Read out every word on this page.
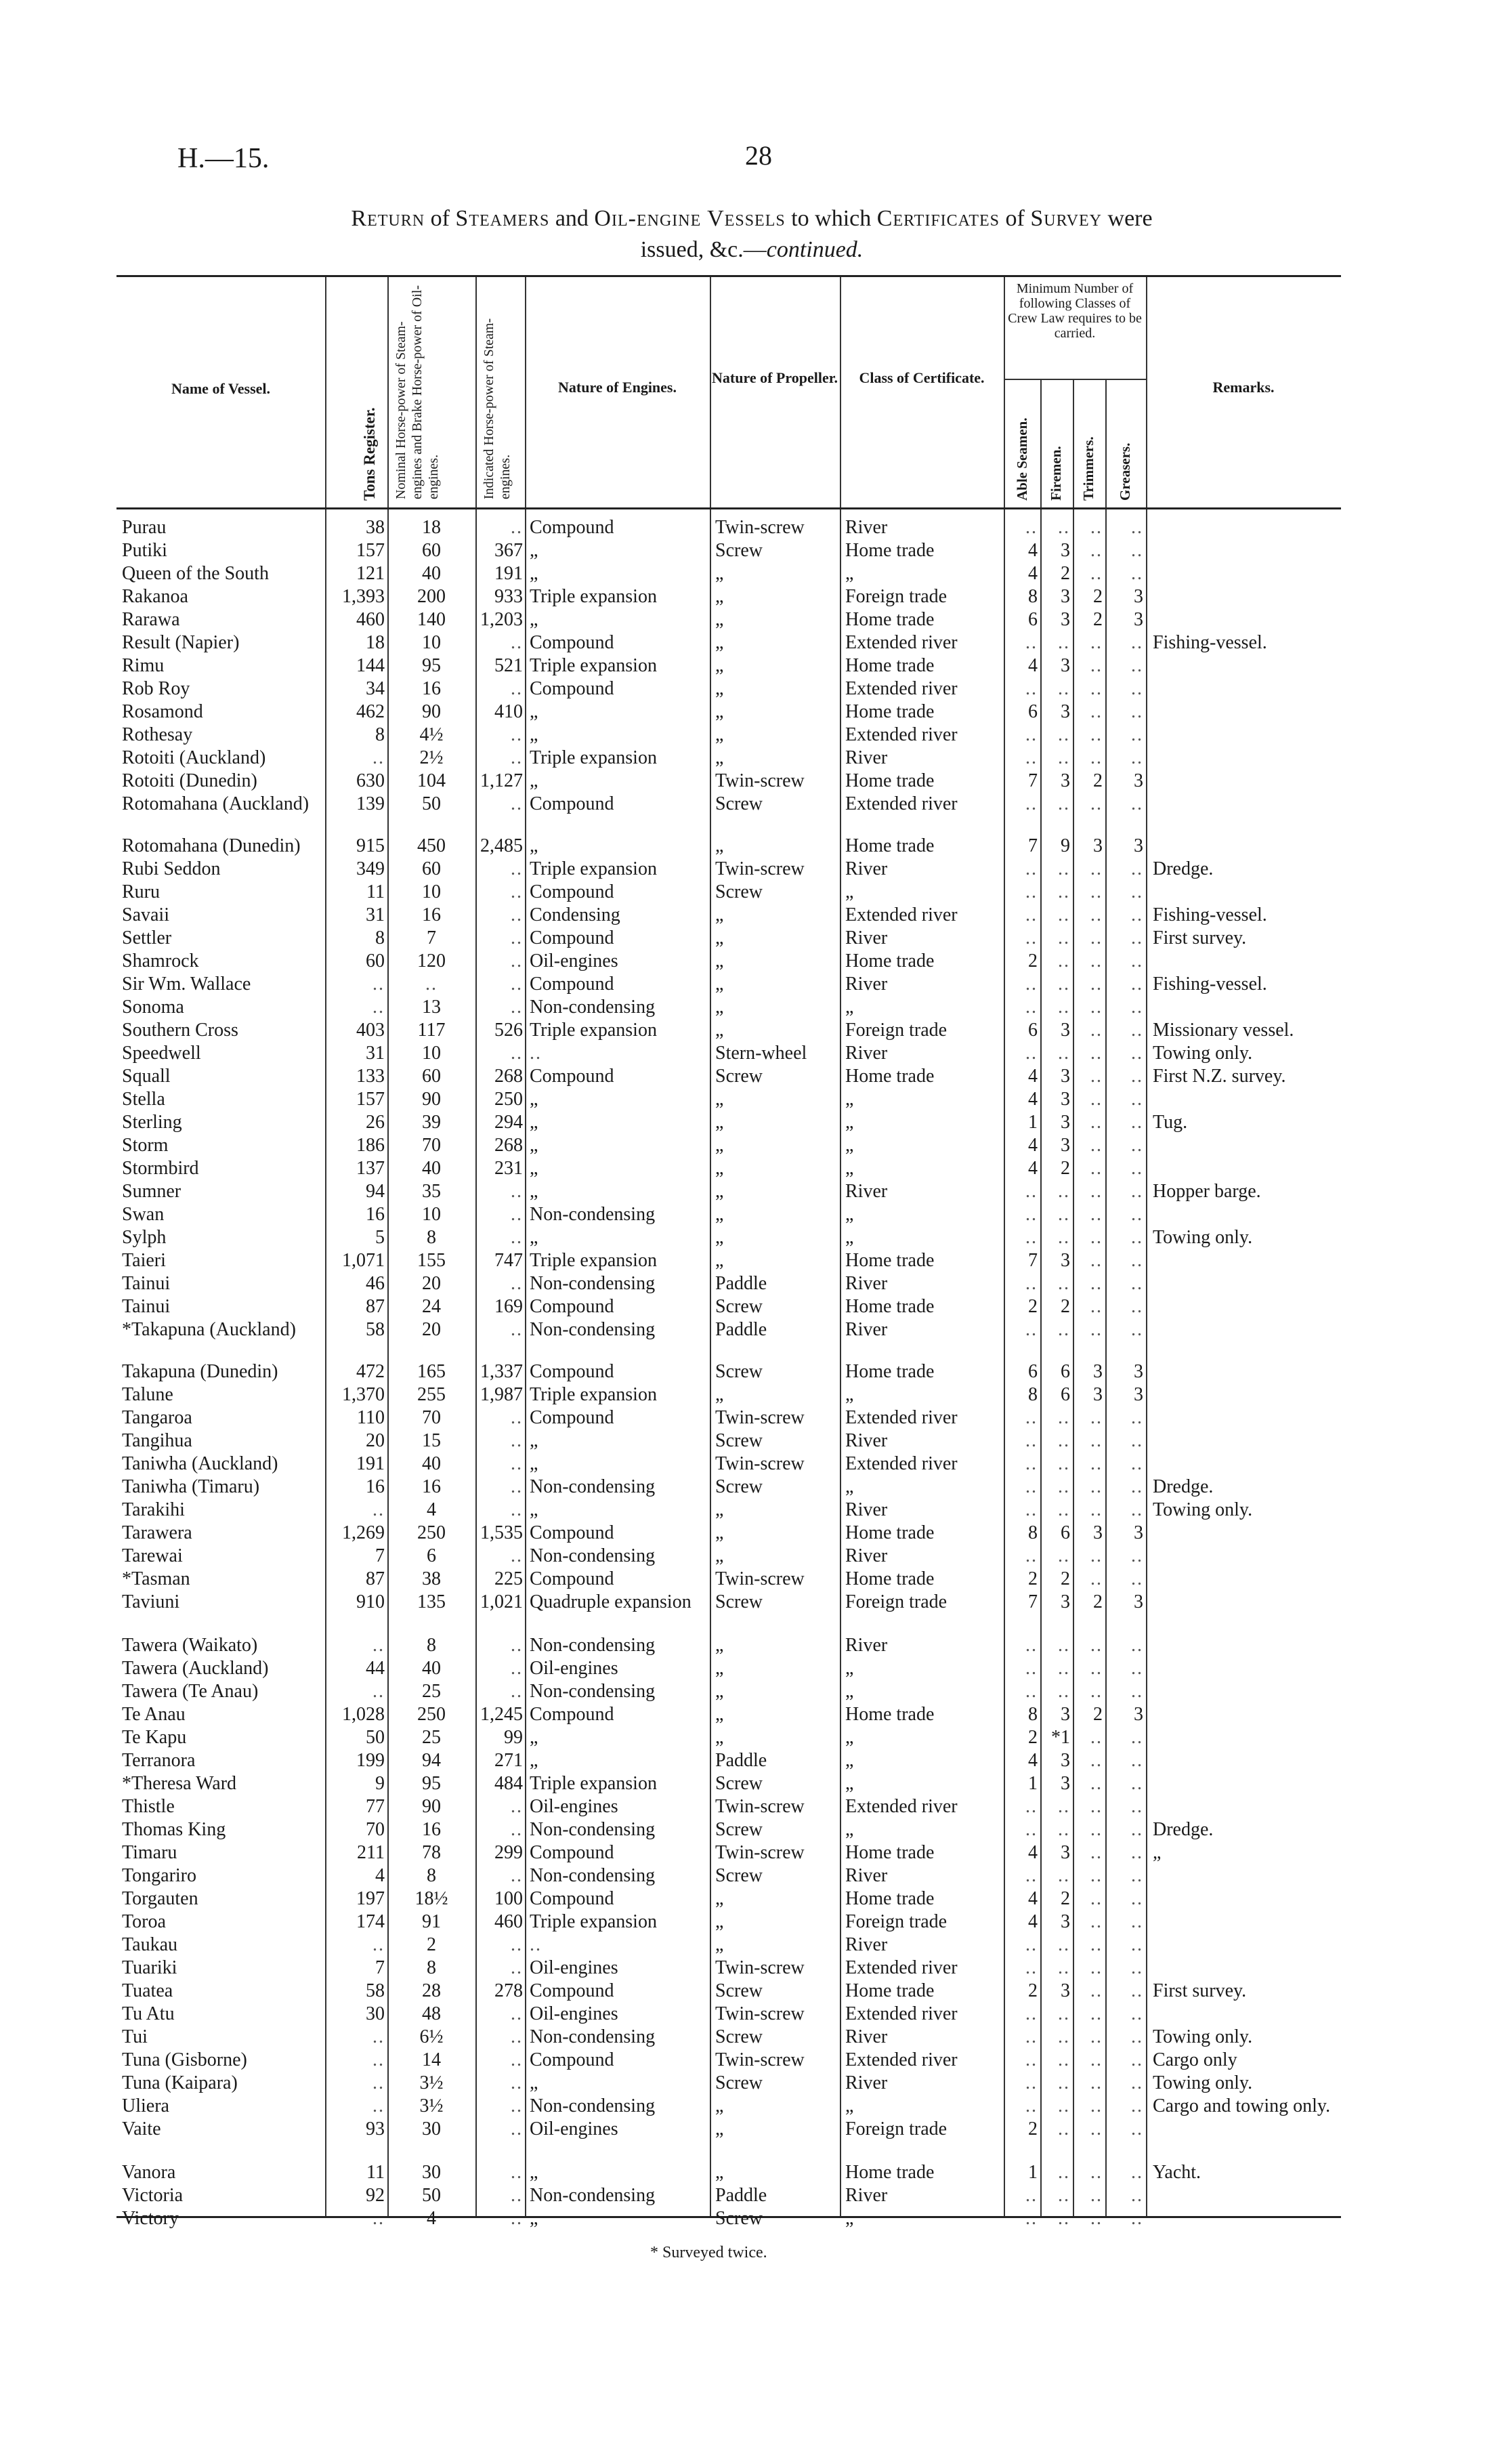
H.—15.	28
Return of Steamers and Oil-engine Vessels to which Certificates of Survey were
issued, &c.—continued.
Name of Vessel.
Tons Register. Nominal Horse-power of Steam-engines and Brake Horse-power of Oil-engines.	Indicated Horse-power of Steam-engines.
Nature of Engines.
Nature of Propeller.	Class of Certificate.
Minimum Number of following Classes of Crew Law requires to be carried.
Able Seamen. Firemen. Trimmers. Greasers.
Remarks.
Purau	38	18	.. Compound	Twin-screw	River	..	..	..	..
Putiki	157	60	367 „	Screw	Home trade	4	3	..	..
Queen of the South	121	40	191 „	„	„	4	2	..	..
Rakanoa	1,393	200	933 Triple expansion	„	Foreign trade	8	3	2	3
Rarawa	460	140	1,203 „	„	Home trade	6	3	2	3
Result (Napier)	18	10	.. Compound	„	Extended river	..	..	..	.. Fishing-vessel.
Rimu	144	95	521 Triple expansion	„	Home trade	4	3	..	..
Rob Roy	34	16	.. Compound	„	Extended river	..	..	..	..
Rosamond	462	90	410 „	„	Home trade	6	3	..	..
Rothesay	8	4½	.. „	„	Extended river	..	..	..	..
Rotoiti (Auckland)	..	2½	.. Triple expansion	„	River	..	..	..	..
Rotoiti (Dunedin)	630	104	1,127 „	Twin-screw	Home trade	7	3	2	3
Rotomahana (Auckland)	139	50	.. Compound	Screw	Extended river	..	..	..	..
Rotomahana (Dunedin)	915	450	2,485 „	„	Home trade	7	9	3	3
Rubi Seddon	349	60	.. Triple expansion	Twin-screw	River	..	..	..	.. Dredge.
Ruru	11	10	.. Compound	Screw	„	..	..	..	..
Savaii	31	16	.. Condensing	„	Extended river	..	..	..	.. Fishing-vessel.
Settler	8	7	.. Compound	„	River	..	..	..	.. First survey.
Shamrock	60	120	.. Oil-engines	„	Home trade	2	..	..	..
Sir Wm. Wallace	..	..	.. Compound	„	River	..	..	..	.. Fishing-vessel.
Sonoma	..	13	.. Non-condensing	„	„	..	..	..	..
Southern Cross	403	117	526 Triple expansion	„	Foreign trade	6	3	..	.. Missionary vessel.
Speedwell	31	10	.. ..	Stern-wheel	River	..	..	..	.. Towing only.
Squall	133	60	268 Compound	Screw	Home trade	4	3	..	.. First N.Z. survey.
Stella	157	90	250 „	„	„	4	3	..	..
Sterling	26	39	294 „	„	„	1	3	..	.. Tug.
Storm	186	70	268 „	„	„	4	3	..	..
Stormbird	137	40	231 „	„	„	4	2	..	..
Sumner	94	35	.. „	„	River	..	..	..	.. Hopper barge.
Swan	16	10	.. Non-condensing	„	„	..	..	..	..
Sylph	5	8	.. „	„	„	..	..	..	.. Towing only.
Taieri	1,071	155	747 Triple expansion	„	Home trade	7	3	..	..
Tainui	46	20	.. Non-condensing	Paddle	River	..	..	..	..
Tainui	87	24	169 Compound	Screw	Home trade	2	2	..	..
*Takapuna (Auckland)	58	20	.. Non-condensing	Paddle	River	..	..	..	..
Takapuna (Dunedin)	472	165	1,337 Compound	Screw	Home trade	6	6	3	3
Talune	1,370	255	1,987 Triple expansion	„	„	8	6	3	3
Tangaroa	110	70	.. Compound	Twin-screw	Extended river	..	..	..	..
Tangihua	20	15	.. „	Screw	River	..	..	..	..
Taniwha (Auckland)	191	40	.. „	Twin-screw	Extended river	..	..	..	..
Taniwha (Timaru)	16	16	.. Non-condensing	Screw	„	..	..	..	.. Dredge.
Tarakihi	..	4	.. „	„	River	..	..	..	.. Towing only.
Tarawera	1,269	250	1,535 Compound	„	Home trade	8	6	3	3
Tarewai	7	6	.. Non-condensing	„	River	..	..	..	..
*Tasman	87	38	225 Compound	Twin-screw	Home trade	2	2	..	..
Taviuni	910	135	1,021 Quadruple expansion	Screw	Foreign trade	7	3	2	3
Tawera (Waikato)	..	8	.. Non-condensing	„	River	..	..	..	..
Tawera (Auckland)	44	40	.. Oil-engines	„	„	..	..	..	..
Tawera (Te Anau)	..	25	.. Non-condensing	„	„	..	..	..	..
Te Anau	1,028	250	1,245 Compound	„	Home trade	8	3	2	3
Te Kapu	50	25	99 „	„	„	2 *1	..	..
Terranora	199	94	271 „	Paddle	„	4	3	..	..
*Theresa Ward	9	95	484 Triple expansion	Screw	„	1	3	..	..
Thistle	77	90	.. Oil-engines	Twin-screw	Extended river	..	..	..	..
Thomas King	70	16	.. Non-condensing	Screw	„	..	..	..	.. Dredge.
Timaru	211	78	299 Compound	Twin-screw	Home trade	4	3	..	.. „
Tongariro	4	8	.. Non-condensing	Screw	River	..	..	..	..
Torgauten	197	18½	100 Compound	„	Home trade	4	2	..	..
Toroa	174	91	460 Triple expansion	„	Foreign trade	4	3	..	..
Taukau	..	2	.. ..	„	River	..	..	..	..
Tuariki	7	8	.. Oil-engines	Twin-screw	Extended river	..	..	..	..
Tuatea	58	28	278 Compound	Screw	Home trade	2	3	..	.. First survey.
Tu Atu	30	48	.. Oil-engines	Twin-screw	Extended river	..	..	..	..
Tui	..	6½	.. Non-condensing	Screw	River	..	..	..	.. Towing only.
Tuna (Gisborne)	..	14	.. Compound	Twin-screw	Extended river	..	..	..	.. Cargo only
Tuna (Kaipara)	..	3½	.. „	Screw	River	..	..	..	.. Towing only.
Uliera	..	3½	.. Non-condensing	„	„	..	..	..	.. Cargo and towing only.
Vaite	93	30	.. Oil-engines	„	Foreign trade	2	..	..	..
Vanora	11	30	.. „	„	Home trade	1	..	..	.. Yacht.
Victoria	92	50	.. Non-condensing	Paddle	River	..	..	..	..
Victory	..	4	.. „	Screw	„	..	..	..	..
* Surveyed twice.
